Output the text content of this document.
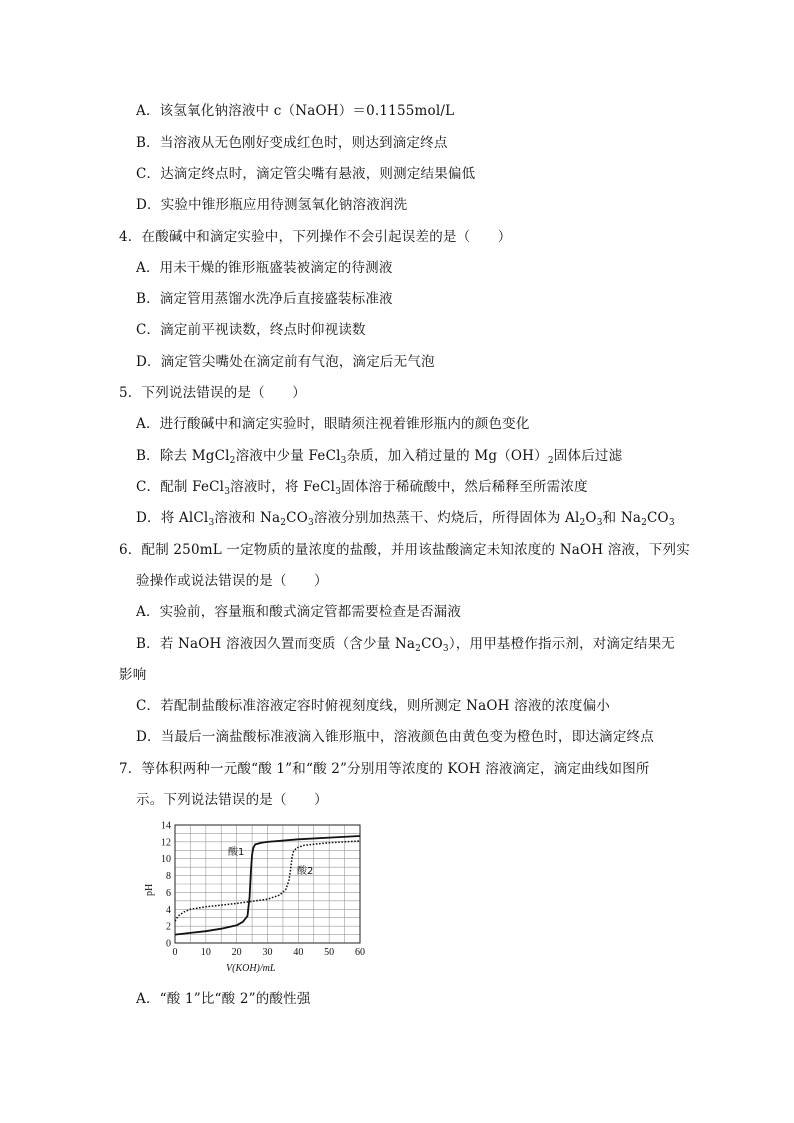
A．该氢氧化钠溶液中 c（NaOH）＝0.1155mol/L
B．当溶液从无色刚好变成红色时，则达到滴定终点
C．达滴定终点时，滴定管尖嘴有悬液，则测定结果偏低
D．实验中锥形瓶应用待测氢氧化钠溶液润洗
4．在酸碱中和滴定实验中，下列操作不会引起误差的是（　　）
A．用未干燥的锥形瓶盛装被滴定的待测液
B．滴定管用蒸馏水洗净后直接盛装标准液
C．滴定前平视读数，终点时仰视读数
D．滴定管尖嘴处在滴定前有气泡，滴定后无气泡
5．下列说法错误的是（　　）
A．进行酸碱中和滴定实验时，眼睛须注视着锥形瓶内的颜色变化
B．除去 MgCl$_2$溶液中少量 FeCl$_3$杂质，加入稍过量的 $Mg(OH)_2$固体后过滤
C．配制 FeCl$_3$溶液时，将 FeCl$_3$固体溶于稀硫酸中，然后稀释至所需浓度
D．将 AlCl$_3$溶液和 $Na_2CO_3$溶液分别加热蒸干、灼烧后，所得固体为 $Al_2O_3$和 $Na_2CO_3$
6．配制 250mL 一定物质的量浓度的盐酸，并用该盐酸滴定未知浓度的 NaOH 溶液，下列实
验操作或说法错误的是（　　）
A．实验前，容量瓶和酸式滴定管都需要检查是否漏液
B．若 NaOH 溶液因久置而变质（含少量 $Na_2CO_3$），用甲基橙作指示剂，对滴定结果无
影响
C．若配制盐酸标准溶液定容时俯视刻度线，则所测定 NaOH 溶液的浓度偏小
D．当最后一滴盐酸标准液滴入锥形瓶中，溶液颜色由黄色变为橙色时，即达滴定终点
7．等体积两种一元酸“酸 1”和“酸 2”分别用等浓度的 KOH 溶液滴定，滴定曲线如图所
示。下列说法错误的是（　　）
0 10 20 30 40 50 60
0
2
4
6
8
10
12
14
酸1
酸2
V(KOH)/mL
pH
A．“酸 1”比“酸 2”的酸性强
